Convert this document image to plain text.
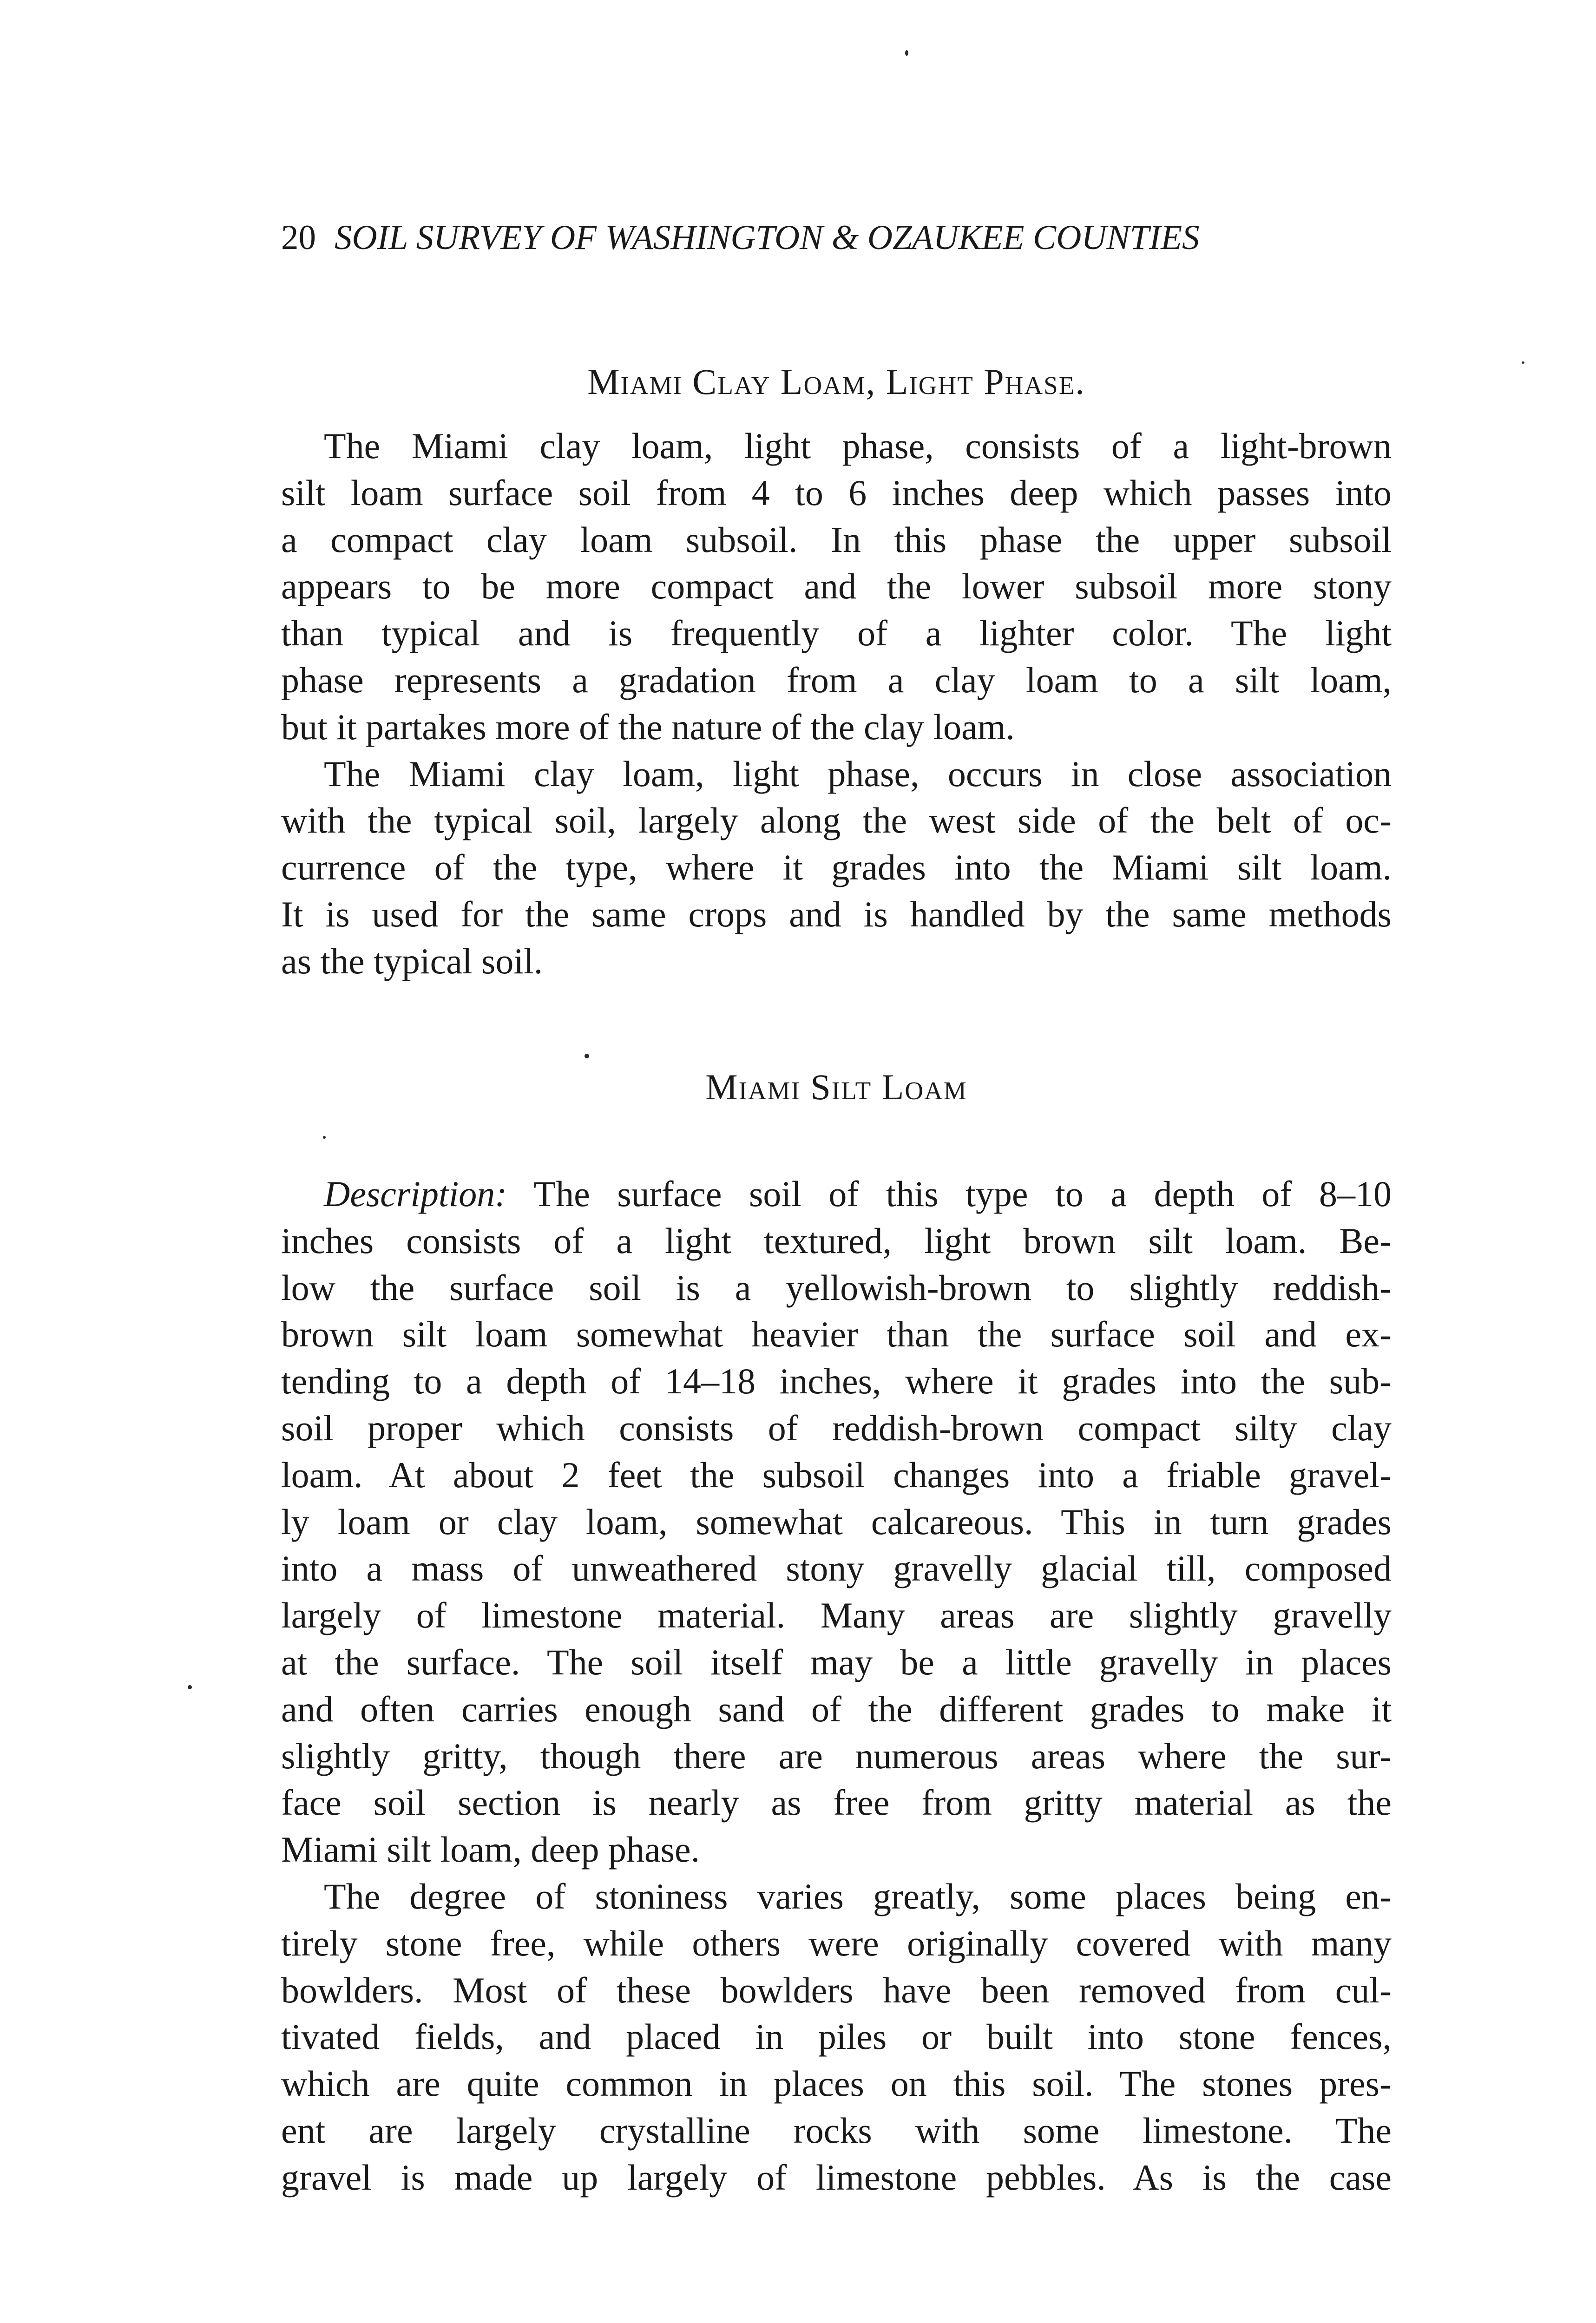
20 SOIL SURVEY OF WASHINGTON & OZAUKEE COUNTIES
Miami Clay Loam, Light Phase.
The Miami clay loam, light phase, consists of a light-brown
silt loam surface soil from 4 to 6 inches deep which passes into
a compact clay loam subsoil. In this phase the upper subsoil
appears to be more compact and the lower subsoil more stony
than typical and is frequently of a lighter color. The light
phase represents a gradation from a clay loam to a silt loam,
but it partakes more of the nature of the clay loam.
The Miami clay loam, light phase, occurs in close association
with the typical soil, largely along the west side of the belt of oc-
currence of the type, where it grades into the Miami silt loam.
It is used for the same crops and is handled by the same methods
as the typical soil.
Miami Silt Loam
Description: The surface soil of this type to a depth of 8–10
inches consists of a light textured, light brown silt loam. Be-
low the surface soil is a yellowish-brown to slightly reddish-
brown silt loam somewhat heavier than the surface soil and ex-
tending to a depth of 14–18 inches, where it grades into the sub-
soil proper which consists of reddish-brown compact silty clay
loam. At about 2 feet the subsoil changes into a friable gravel-
ly loam or clay loam, somewhat calcareous. This in turn grades
into a mass of unweathered stony gravelly glacial till, composed
largely of limestone material. Many areas are slightly gravelly
at the surface. The soil itself may be a little gravelly in places
and often carries enough sand of the different grades to make it
slightly gritty, though there are numerous areas where the sur-
face soil section is nearly as free from gritty material as the
Miami silt loam, deep phase.
The degree of stoniness varies greatly, some places being en-
tirely stone free, while others were originally covered with many
bowlders. Most of these bowlders have been removed from cul-
tivated fields, and placed in piles or built into stone fences,
which are quite common in places on this soil. The stones pres-
ent are largely crystalline rocks with some limestone. The
gravel is made up largely of limestone pebbles. As is the case
